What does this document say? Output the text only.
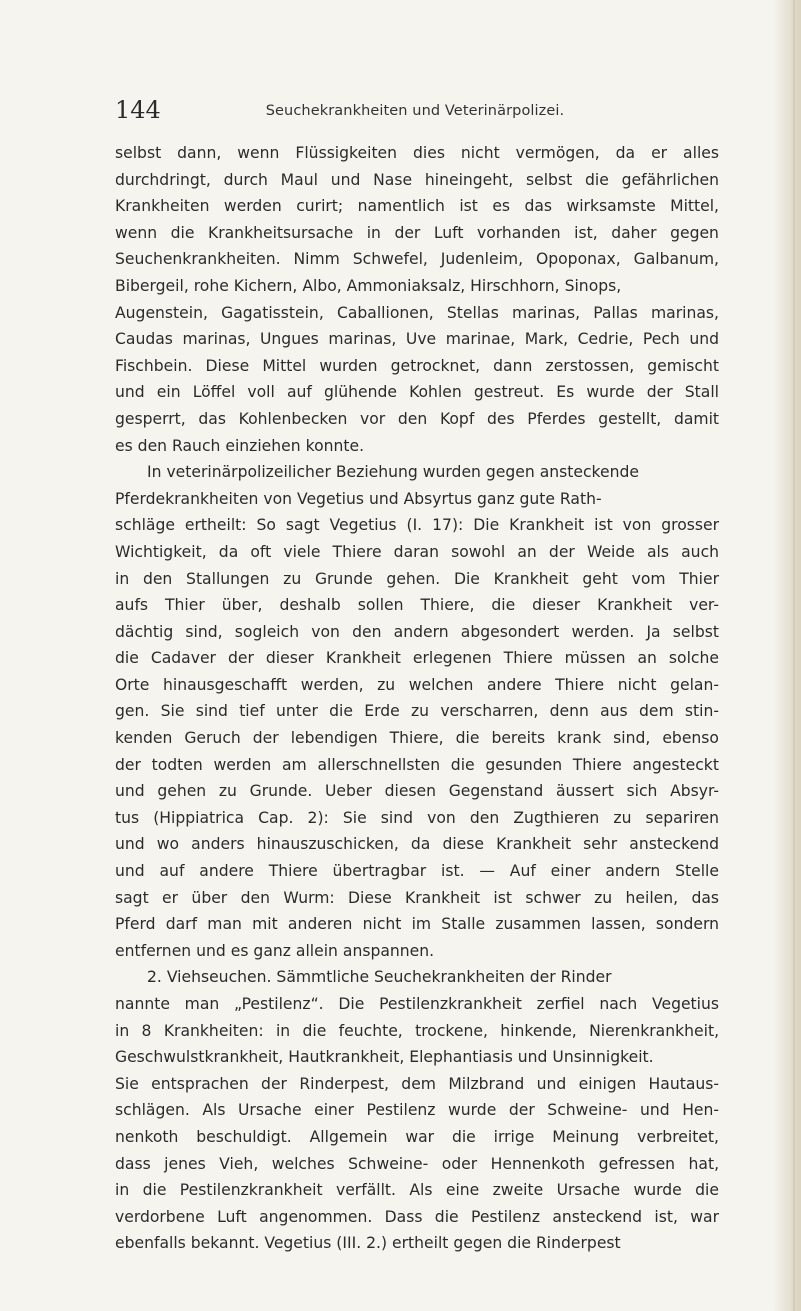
144	Seuchekrankheiten und Veterinärpolizei.
selbst dann, wenn Flüssigkeiten dies nicht vermögen, da er alles
durchdringt, durch Maul und Nase hineingeht, selbst die gefährlichen
Krankheiten werden curirt; namentlich ist es das wirksamste Mittel,
wenn die Krankheitsursache in der Luft vorhanden ist, daher gegen
Seuchenkrankheiten. Nimm Schwefel, Judenleim, Opoponax, Galbanum,
Bibergeil, rohe Kichern, Albo, Ammoniaksalz, Hirschhorn, Sinops,
Augenstein, Gagatisstein, Caballionen, Stellas marinas, Pallas marinas,
Caudas marinas, Ungues marinas, Uve marinae, Mark, Cedrie, Pech und
Fischbein. Diese Mittel wurden getrocknet, dann zerstossen, gemischt
und ein Löffel voll auf glühende Kohlen gestreut. Es wurde der Stall
gesperrt, das Kohlenbecken vor den Kopf des Pferdes gestellt, damit
es den Rauch einziehen konnte.
In veterinärpolizeilicher Beziehung wurden gegen ansteckende
Pferdekrankheiten von Vegetius und Absyrtus ganz gute Rath-
schläge ertheilt: So sagt Vegetius (I. 17): Die Krankheit ist von grosser
Wichtigkeit, da oft viele Thiere daran sowohl an der Weide als auch
in den Stallungen zu Grunde gehen. Die Krankheit geht vom Thier
aufs Thier über, deshalb sollen Thiere, die dieser Krankheit ver-
dächtig sind, sogleich von den andern abgesondert werden. Ja selbst
die Cadaver der dieser Krankheit erlegenen Thiere müssen an solche
Orte hinausgeschafft werden, zu welchen andere Thiere nicht gelan-
gen. Sie sind tief unter die Erde zu verscharren, denn aus dem stin-
kenden Geruch der lebendigen Thiere, die bereits krank sind, ebenso
der todten werden am allerschnellsten die gesunden Thiere angesteckt
und gehen zu Grunde. Ueber diesen Gegenstand äussert sich Absyr-
tus (Hippiatrica Cap. 2): Sie sind von den Zugthieren zu separiren
und wo anders hinauszuschicken, da diese Krankheit sehr ansteckend
und auf andere Thiere übertragbar ist. — Auf einer andern Stelle
sagt er über den Wurm: Diese Krankheit ist schwer zu heilen, das
Pferd darf man mit anderen nicht im Stalle zusammen lassen, sondern
entfernen und es ganz allein anspannen.
2. Viehseuchen. Sämmtliche Seuchekrankheiten der Rinder
nannte man „Pestilenz“. Die Pestilenzkrankheit zerfiel nach Vegetius
in 8 Krankheiten: in die feuchte, trockene, hinkende, Nierenkrankheit,
Geschwulstkrankheit, Hautkrankheit, Elephantiasis und Unsinnigkeit.
Sie entsprachen der Rinderpest, dem Milzbrand und einigen Hautaus-
schlägen. Als Ursache einer Pestilenz wurde der Schweine- und Hen-
nenkoth beschuldigt. Allgemein war die irrige Meinung verbreitet,
dass jenes Vieh, welches Schweine- oder Hennenkoth gefressen hat,
in die Pestilenzkrankheit verfällt. Als eine zweite Ursache wurde die
verdorbene Luft angenommen. Dass die Pestilenz ansteckend ist, war
ebenfalls bekannt. Vegetius (III. 2.) ertheilt gegen die Rinderpest
